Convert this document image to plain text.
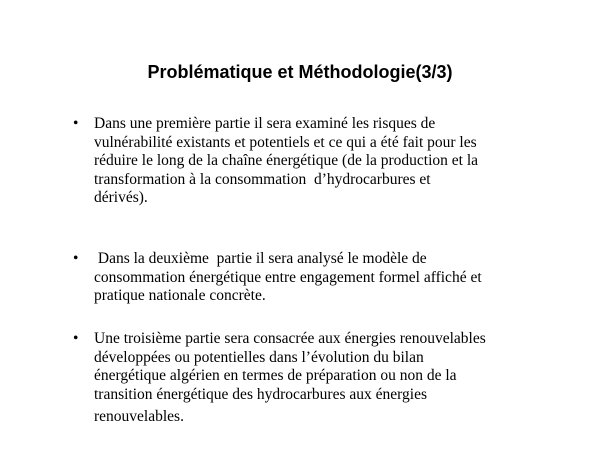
Problématique et Méthodologie(3/3)
•	Dans une première partie il sera examiné les risques de
vulnérabilité existants et potentiels et ce qui a été fait pour les
réduire le long de la chaîne énergétique (de la production et la
transformation à la consommation  d’hydrocarbures et
dérivés).
•	Dans la deuxième  partie il sera analysé le modèle de
consommation énergétique entre engagement formel affiché et
pratique nationale concrète.
•	Une troisième partie sera consacrée aux énergies renouvelables
développées ou potentielles dans l’évolution du bilan
énergétique algérien en termes de préparation ou non de la
transition énergétique des hydrocarbures aux énergies
renouvelables.
